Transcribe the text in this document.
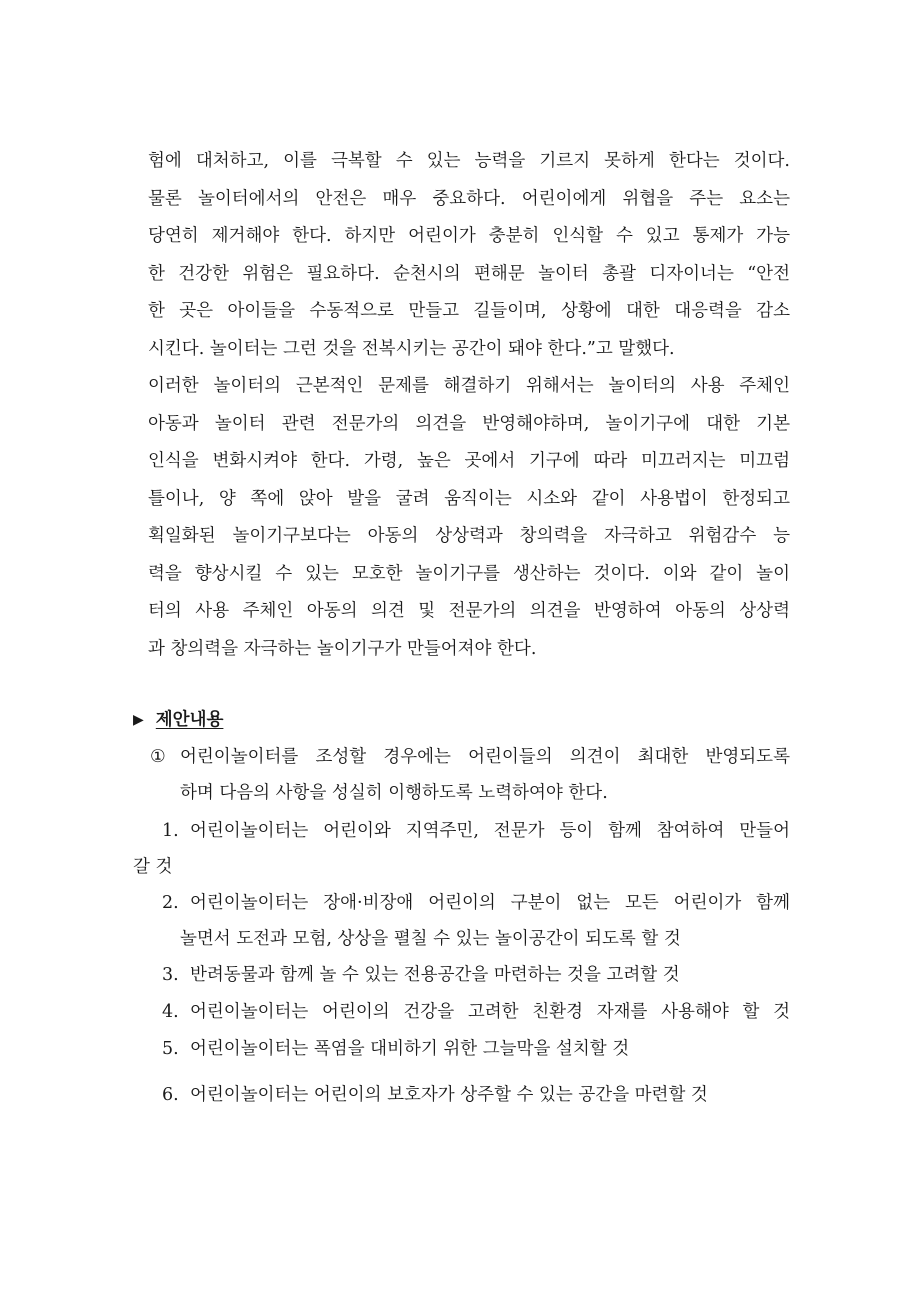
험에 대처하고, 이를 극복할 수 있는 능력을 기르지 못하게 한다는 것이다.
물론 놀이터에서의 안전은 매우 중요하다. 어린이에게 위협을 주는 요소는
당연히 제거해야 한다. 하지만 어린이가 충분히 인식할 수 있고 통제가 가능
한 건강한 위험은 필요하다. 순천시의 편해문 놀이터 총괄 디자이너는 “안전
한 곳은 아이들을 수동적으로 만들고 길들이며, 상황에 대한 대응력을 감소
시킨다. 놀이터는 그런 것을 전복시키는 공간이 돼야 한다.”고 말했다.
이러한 놀이터의 근본적인 문제를 해결하기 위해서는 놀이터의 사용 주체인
아동과 놀이터 관련 전문가의 의견을 반영해야하며, 놀이기구에 대한 기본
인식을 변화시켜야 한다. 가령, 높은 곳에서 기구에 따라 미끄러지는 미끄럼
틀이나, 양 쪽에 앉아 발을 굴려 움직이는 시소와 같이 사용법이 한정되고
획일화된 놀이기구보다는 아동의 상상력과 창의력을 자극하고 위험감수 능
력을 향상시킬 수 있는 모호한 놀이기구를 생산하는 것이다. 이와 같이 놀이
터의 사용 주체인 아동의 의견 및 전문가의 의견을 반영하여 아동의 상상력
과 창의력을 자극하는 놀이기구가 만들어져야 한다.
▶ 제안내용
① 어린이놀이터를 조성할 경우에는 어린이들의 의견이 최대한 반영되도록
하며 다음의 사항을 성실히 이행하도록 노력하여야 한다.
1. 어린이놀이터는 어린이와 지역주민, 전문가 등이 함께 참여하여 만들어
갈 것
2. 어린이놀이터는 장애·비장애 어린이의 구분이 없는 모든 어린이가 함께
놀면서 도전과 모험, 상상을 펼칠 수 있는 놀이공간이 되도록 할 것
3. 반려동물과 함께 놀 수 있는 전용공간을 마련하는 것을 고려할 것
4. 어린이놀이터는 어린이의 건강을 고려한 친환경 자재를 사용해야 할 것
5. 어린이놀이터는 폭염을 대비하기 위한 그늘막을 설치할 것
6. 어린이놀이터는 어린이의 보호자가 상주할 수 있는 공간을 마련할 것
